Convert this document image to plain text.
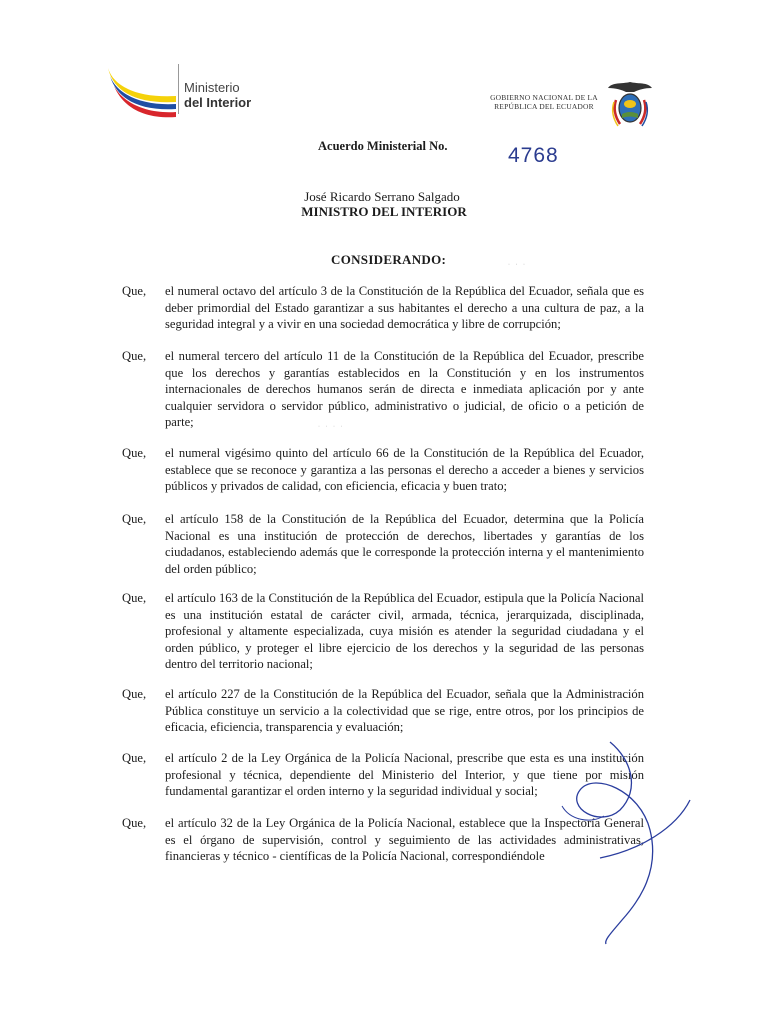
Ministerio
del Interior	GOBIERNO NACIONAL DE LA
REPÚBLICA DEL ECUADOR
Acuerdo Ministerial No.	4768
José Ricardo Serrano Salgado
MINISTRO DEL INTERIOR
CONSIDERANDO:	· · ·
Que, el numeral octavo del artículo 3 de la Constitución de la República del Ecuador, señala que es deber primordial del Estado garantizar a sus habitantes el derecho a una cultura de paz, a la seguridad integral y a vivir en una sociedad democrática y libre de corrupción;
Que, el numeral tercero del artículo 11 de la Constitución de la República del Ecuador, prescribe que los derechos y garantías establecidos en la Constitución y en los instrumentos internacionales de derechos humanos serán de directa e inmediata aplicación por y ante cualquier servidora o servidor público, administrativo o judicial, de oficio o a petición de parte;	· · · ·
Que, el numeral vigésimo quinto del artículo 66 de la Constitución de la República del Ecuador, establece que se reconoce y garantiza a las personas el derecho a acceder a bienes y servicios públicos y privados de calidad, con eficiencia, eficacia y buen trato;
Que, el artículo 158 de la Constitución de la República del Ecuador, determina que la Policía Nacional es una institución de protección de derechos, libertades y garantías de los ciudadanos, estableciendo además que le corresponde la protección interna y el mantenimiento del orden público;
Que, el artículo 163 de la Constitución de la República del Ecuador, estipula que la Policía Nacional es una institución estatal de carácter civil, armada, técnica, jerarquizada, disciplinada, profesional y altamente especializada, cuya misión es atender la seguridad ciudadana y el orden público, y proteger el libre ejercicio de los derechos y la seguridad de las personas dentro del territorio nacional;
Que, el artículo 227 de la Constitución de la República del Ecuador, señala que la Administración Pública constituye un servicio a la colectividad que se rige, entre otros, por los principios de eficacia, eficiencia, transparencia y evaluación;
Que, el artículo 2 de la Ley Orgánica de la Policía Nacional, prescribe que esta es una institución profesional y técnica, dependiente del Ministerio del Interior, y que tiene por misión fundamental garantizar el orden interno y la seguridad individual y social;
Que, el artículo 32 de la Ley Orgánica de la Policía Nacional, establece que la Inspectoría General es el órgano de supervisión, control y seguimiento de las actividades administrativas, financieras y técnico - científicas de la Policía Nacional, correspondiéndole
